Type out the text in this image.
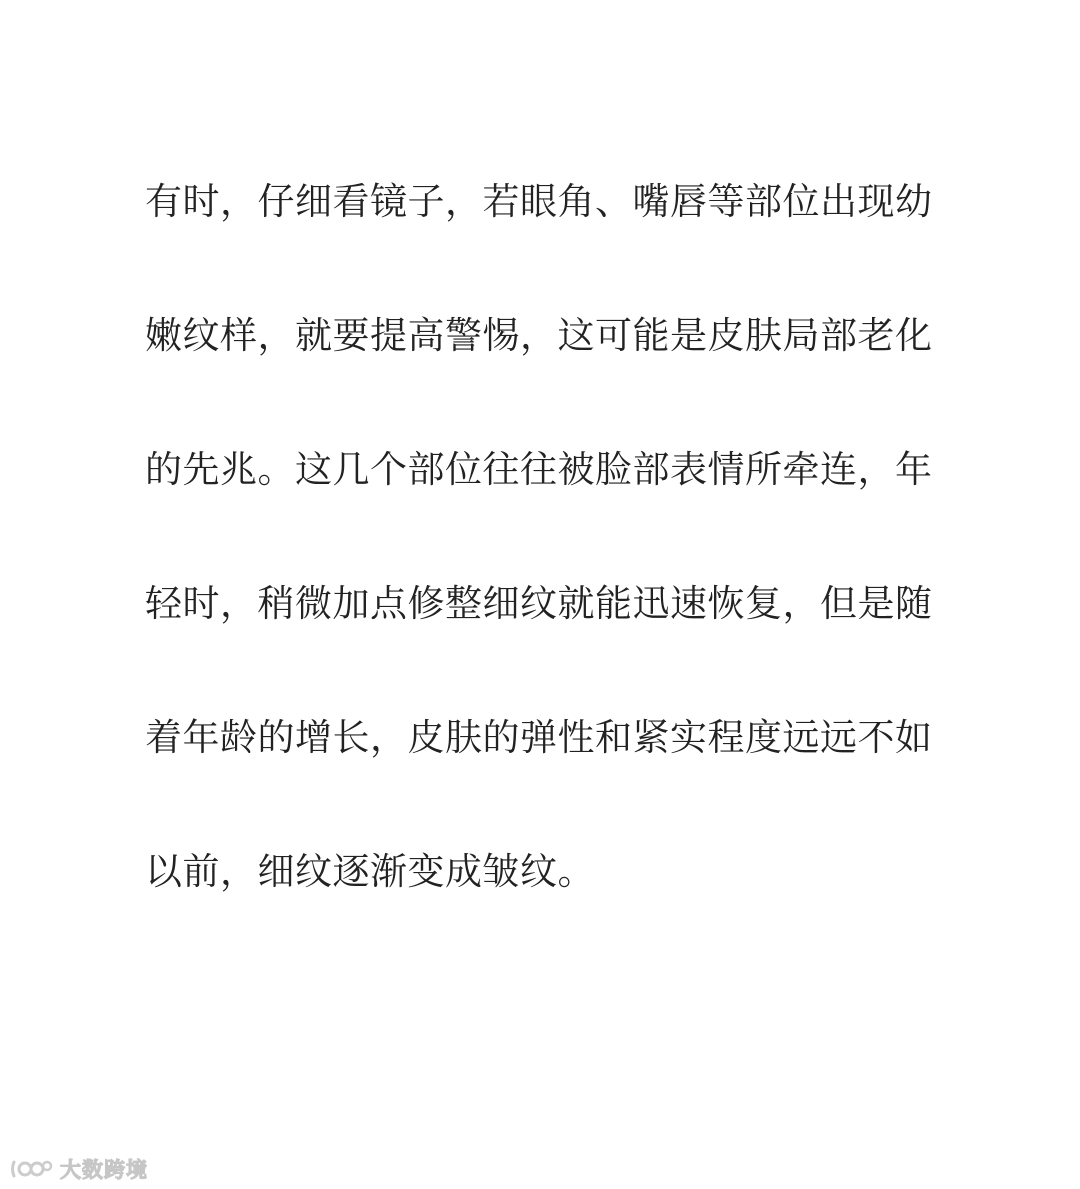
有时，仔细看镜子，若眼角、嘴唇等部位出现幼

嫩纹样，就要提高警惕，这可能是皮肤局部老化

的先兆。这几个部位往往被脸部表情所牵连，年

轻时，稍微加点修整细纹就能迅速恢复，但是随

着年龄的增长，皮肤的弹性和紧实程度远远不如

以前，细纹逐渐变成皱纹。

大数跨境
